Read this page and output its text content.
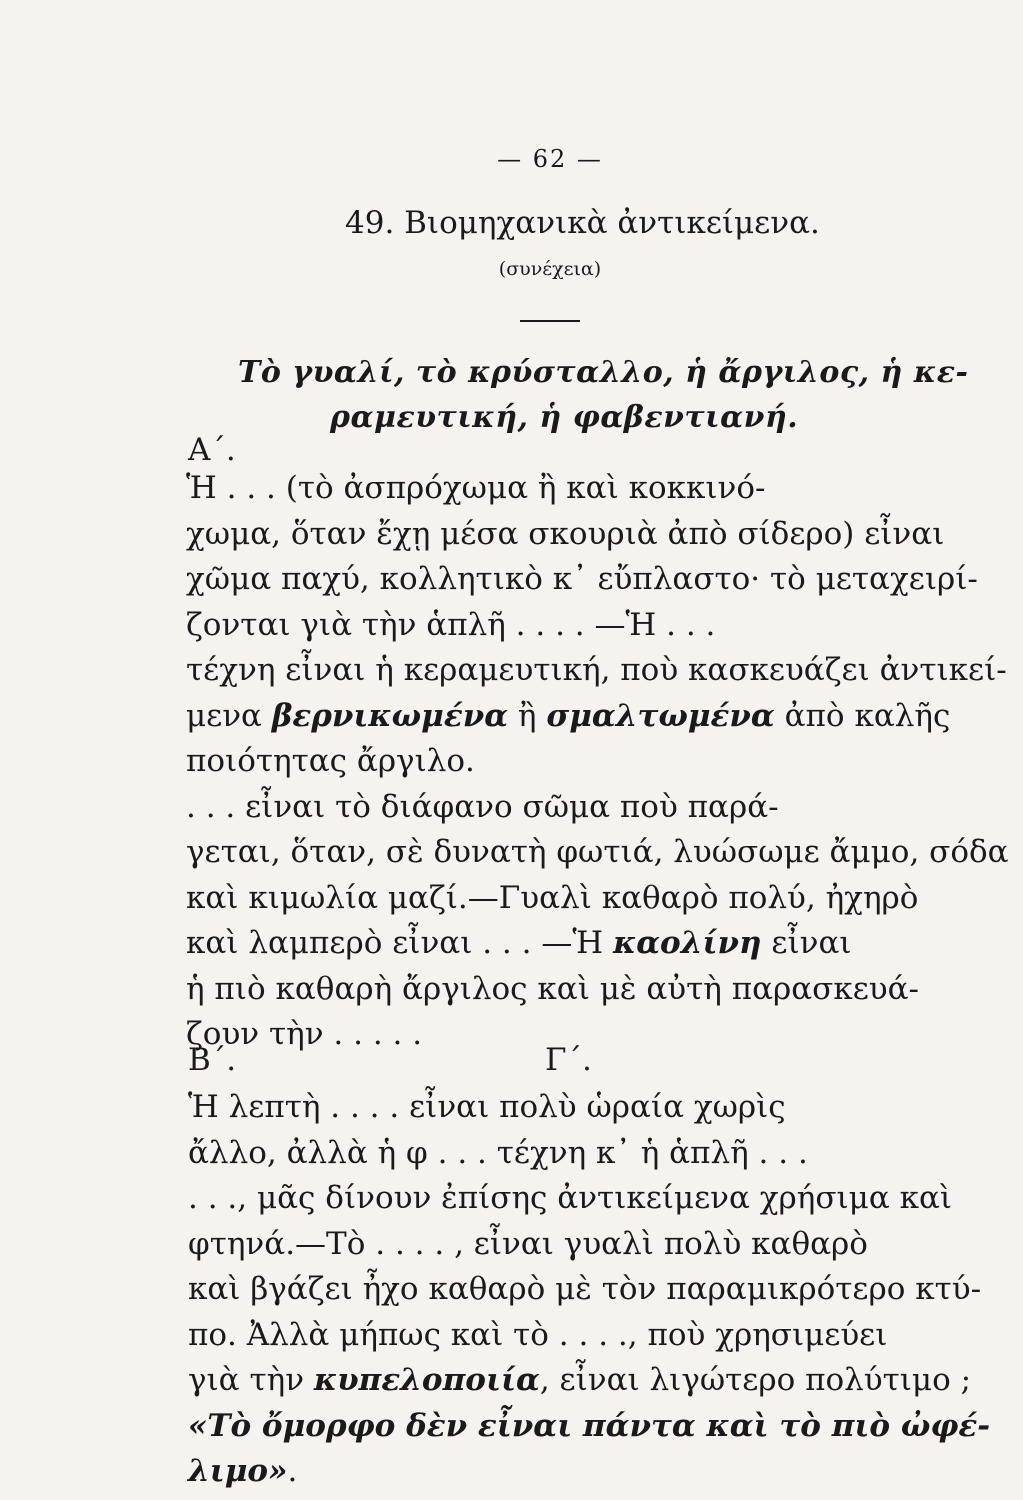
— 62 —
49. Βιομηχανικὰ ἀντικείμενα.
(συνέχεια)
Τὸ γυαλί, τὸ κρύσταλλο, ἡ ἄργιλος, ἡ κε-
ραμευτική, ἡ φαβεντιανή.
Α΄.
Ἡ . . . (τὸ ἀσπρόχωμα ἢ καὶ κοκκινό-
χωμα, ὅταν ἔχῃ μέσα σκουριὰ ἀπὸ σίδερο) εἶναι
χῶμα παχύ, κολλητικὸ κ᾿ εὔπλαστο· τὸ μεταχειρί-
ζονται γιὰ τὴν ἁπλῆ . . . . —Ἡ . . .
τέχνη εἶναι ἡ κεραμευτική, ποὺ κασκευάζει ἀντικεί-
μενα βερνικωμένα ἢ σμαλτωμένα ἀπὸ καλῆς
ποιότητας ἄργιλο.
. . . εἶναι τὸ διάφανο σῶμα ποὺ παρά-
γεται, ὅταν, σὲ δυνατὴ φωτιά, λυώσωμε ἄμμο, σόδα
καὶ κιμωλία μαζί.—Γυαλὶ καθαρὸ πολύ, ἠχηρὸ
καὶ λαμπερὸ εἶναι . . . —Ἡ καολίνη εἶναι
ἡ πιὸ καθαρὴ ἄργιλος καὶ μὲ αὐτὴ παρασκευά-
ζουν τὴν . . . . .
Β΄.	Γ΄.
Ἡ λεπτὴ . . . . εἶναι πολὺ ὡραία χωρὶς
ἄλλο, ἀλλὰ ἡ φ . . . τέχνη κ᾿ ἡ ἁπλῆ . . .
. . ., μᾶς δίνουν ἐπίσης ἀντικείμενα χρήσιμα καὶ
φτηνά.—Τὸ . . . . , εἶναι γυαλὶ πολὺ καθαρὸ
καὶ βγάζει ἦχο καθαρὸ μὲ τὸν παραμικρότερο κτύ-
πο. Ἀλλὰ μήπως καὶ τὸ . . . ., ποὺ χρησιμεύει
γιὰ τὴν κυπελοποιία, εἶναι λιγώτερο πολύτιμο ;
«Τὸ ὄμορφο δὲν εἶναι πάντα καὶ τὸ πιὸ ὠφέ-
λιμο».
